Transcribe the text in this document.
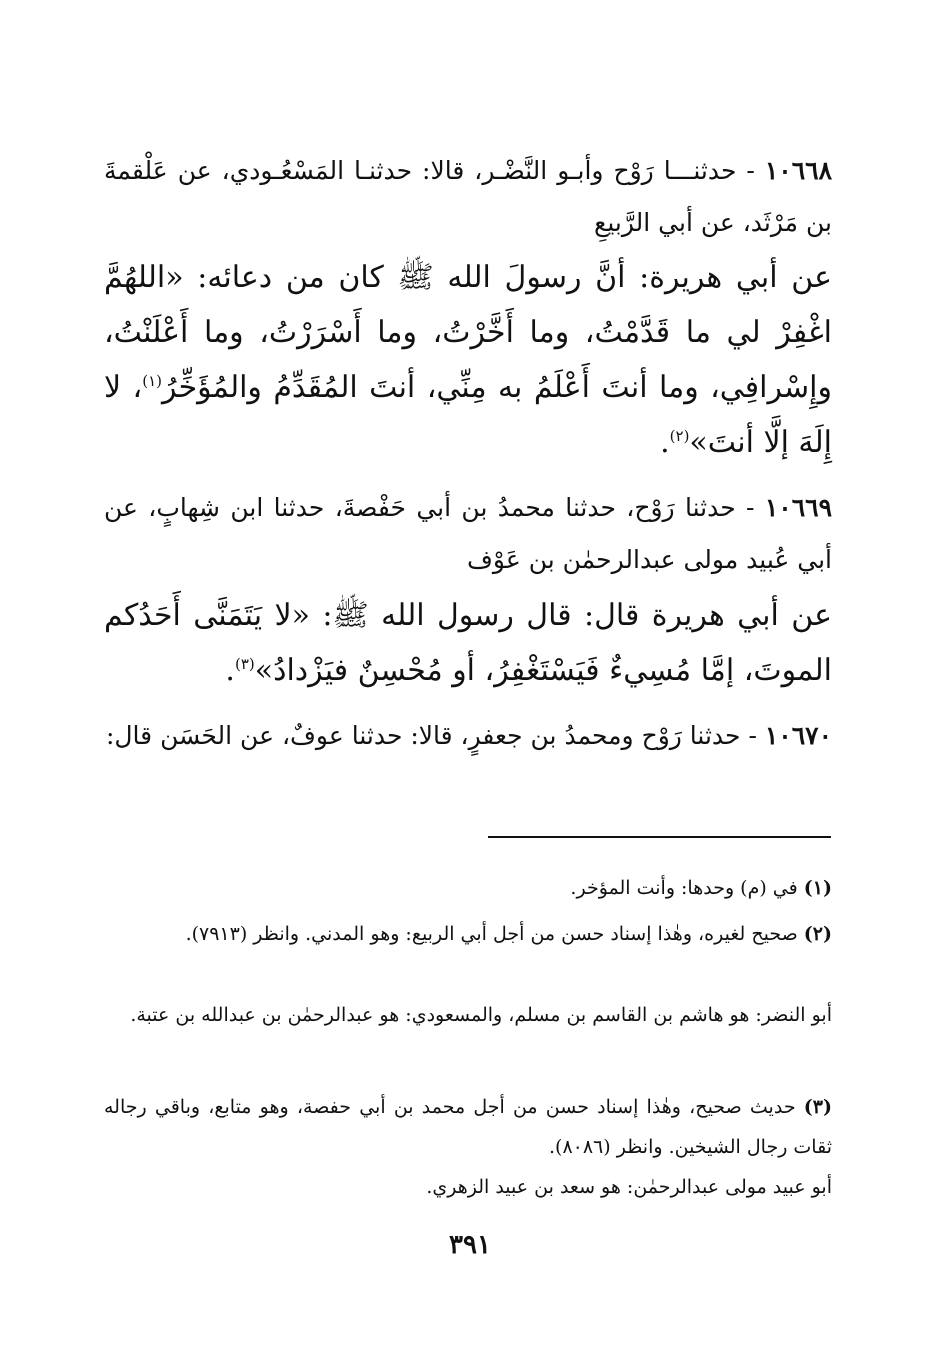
١٠٦٦٨ - حدثنـــا رَوْح وأبـو النَّضْـر، قالا: حدثنـا المَسْعُـودي، عن عَلْقمةَ بن مَرْثَد، عن أبي الرَّبيعِ

عن أبي هريرة: أنَّ رسولَ الله ﷺ كان من دعائه: «اللهُمَّ اغْفِرْ لي ما قَدَّمْتُ، وما أَخَّرْتُ، وما أَسْرَرْتُ، وما أَعْلَنْتُ، وإِسْرافِي، وما أنتَ أَعْلَمُ به مِنِّي، أنتَ المُقَدِّمُ والمُؤَخِّرُ$^{(١)}$، لا إِلَهَ إلَّا أنتَ»$^{(٢)}$.

١٠٦٦٩ - حدثنا رَوْح، حدثنا محمدُ بن أبي حَفْصةَ، حدثنا ابن شِهابٍ، عن أبي عُبيد مولى عبدالرحمٰن بن عَوْف

عن أبي هريرة قال: قال رسول الله ﷺ: «لا يَتَمَنَّى أَحَدُكم الموتَ، إمَّا مُسِيءٌ فَيَسْتَغْفِرُ، أو مُحْسِنٌ فيَزْدادُ»$^{(٣)}$.

١٠٦٧٠ - حدثنا رَوْح ومحمدُ بن جعفرٍ، قالا: حدثنا عوفٌ، عن الحَسَن قال:

(١) في (م) وحدها: وأنت المؤخر.

(٢) صحيح لغيره، وهٰذا إسناد حسن من أجل أبي الربيع: وهو المدني. وانظر (٧٩١٣).

أبو النضر: هو هاشم بن القاسم بن مسلم، والمسعودي: هو عبدالرحمٰن بن عبدالله بن عتبة.

(٣) حديث صحيح، وهٰذا إسناد حسن من أجل محمد بن أبي حفصة، وهو متابع، وباقي رجاله ثقات رجال الشيخين. وانظر (٨٠٨٦).

أبو عبيد مولى عبدالرحمٰن: هو سعد بن عبيد الزهري.

٣٩١
